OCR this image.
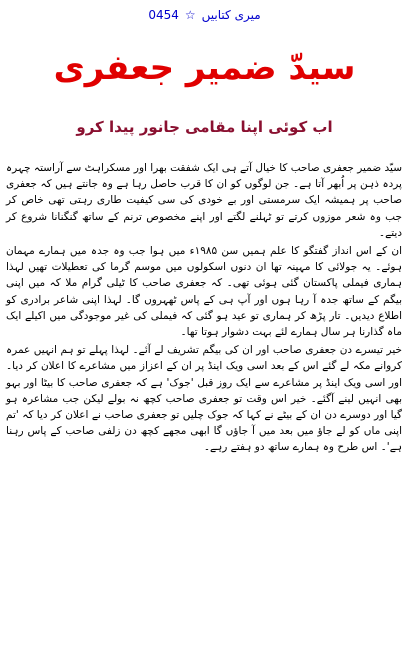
میری کتابیں
☆
0454
سیدّ ضمیر جعفری
اب کوئی اپنا مقامی جانور پیدا کرو

سیّد ضمیر جعفری صاحب کا خیال آتے ہی ایک شفقت بھرا اور مسکراہٹ سے آراستہ چہرہ پردہ ذہن پر اُبھر آتا ہے۔ جن لوگوں کو ان کا قرب حاصل رہا ہے وہ جانتے ہیں کہ جعفری صاحب پر ہمیشہ ایک سرمستی اور بے خودی کی سی کیفیت طاری رہتی تھی خاص کر جب وہ شعر موزوں کرتے تو ٹہلنے لگتے اور اپنے مخصوص ترنم کے ساتھ گنگنانا شروع کر دیتے۔

ان کے اس انداز گفتگو کا علم ہمیں سن ۱۹۸۵ء میں ہوا جب وہ جدہ میں ہمارے مہمان ہوئے۔ یہ جولائی کا مہینہ تھا ان دنوں اسکولوں میں موسم گرما کی تعطیلات تھیں لہذا ہماری فیملی پاکستان گئی ہوئی تھی۔ کہ جعفری صاحب کا ٹیلی گرام ملا کہ میں اپنی بیگم کے ساتھ جدہ آ رہا ہوں اور آپ ہی کے پاس ٹھہروں گا۔ لہذا اپنی شاعر برادری کو اطلاع دیدیں۔ تار پڑھ کر ہماری تو عید ہو گئی کہ فیملی کی غیر موجودگی میں اکیلے ایک ماہ گذارنا ہر سال ہمارے لئے بہت دشوار ہوتا تھا۔

خیر تیسرے دن جعفری صاحب اور ان کی بیگم تشریف لے آئے۔ لہذا پہلے تو ہم انہیں عمرہ کروانے مکہ لے گئے اس کے بعد اسی ویک اینڈ پر ان کے اعزاز میں مشاعرے کا اعلان کر دیا۔ اور اسی ویک اینڈ پر مشاعرے سے ایک روز قبل 'جوک' ہے کہ جعفری صاحب کا بیٹا اور بہو بھی انہیں لینے آگئے۔ خیر اس وقت تو جعفری صاحب کچھ نہ بولے لیکن جب مشاعرہ ہو گیا اور دوسرے دن ان کے بیٹے نے کہا کہ جوک چلیں تو جعفری صاحب نے اعلان کر دیا کہ 'تم اپنی ماں کو لے جاؤ میں بعد میں آ جاؤں گا ابھی مجھے کچھ دن زلفی صاحب کے پاس رہنا ہے'۔ اس طرح وہ ہمارے ساتھ دو ہفتے رہے۔
